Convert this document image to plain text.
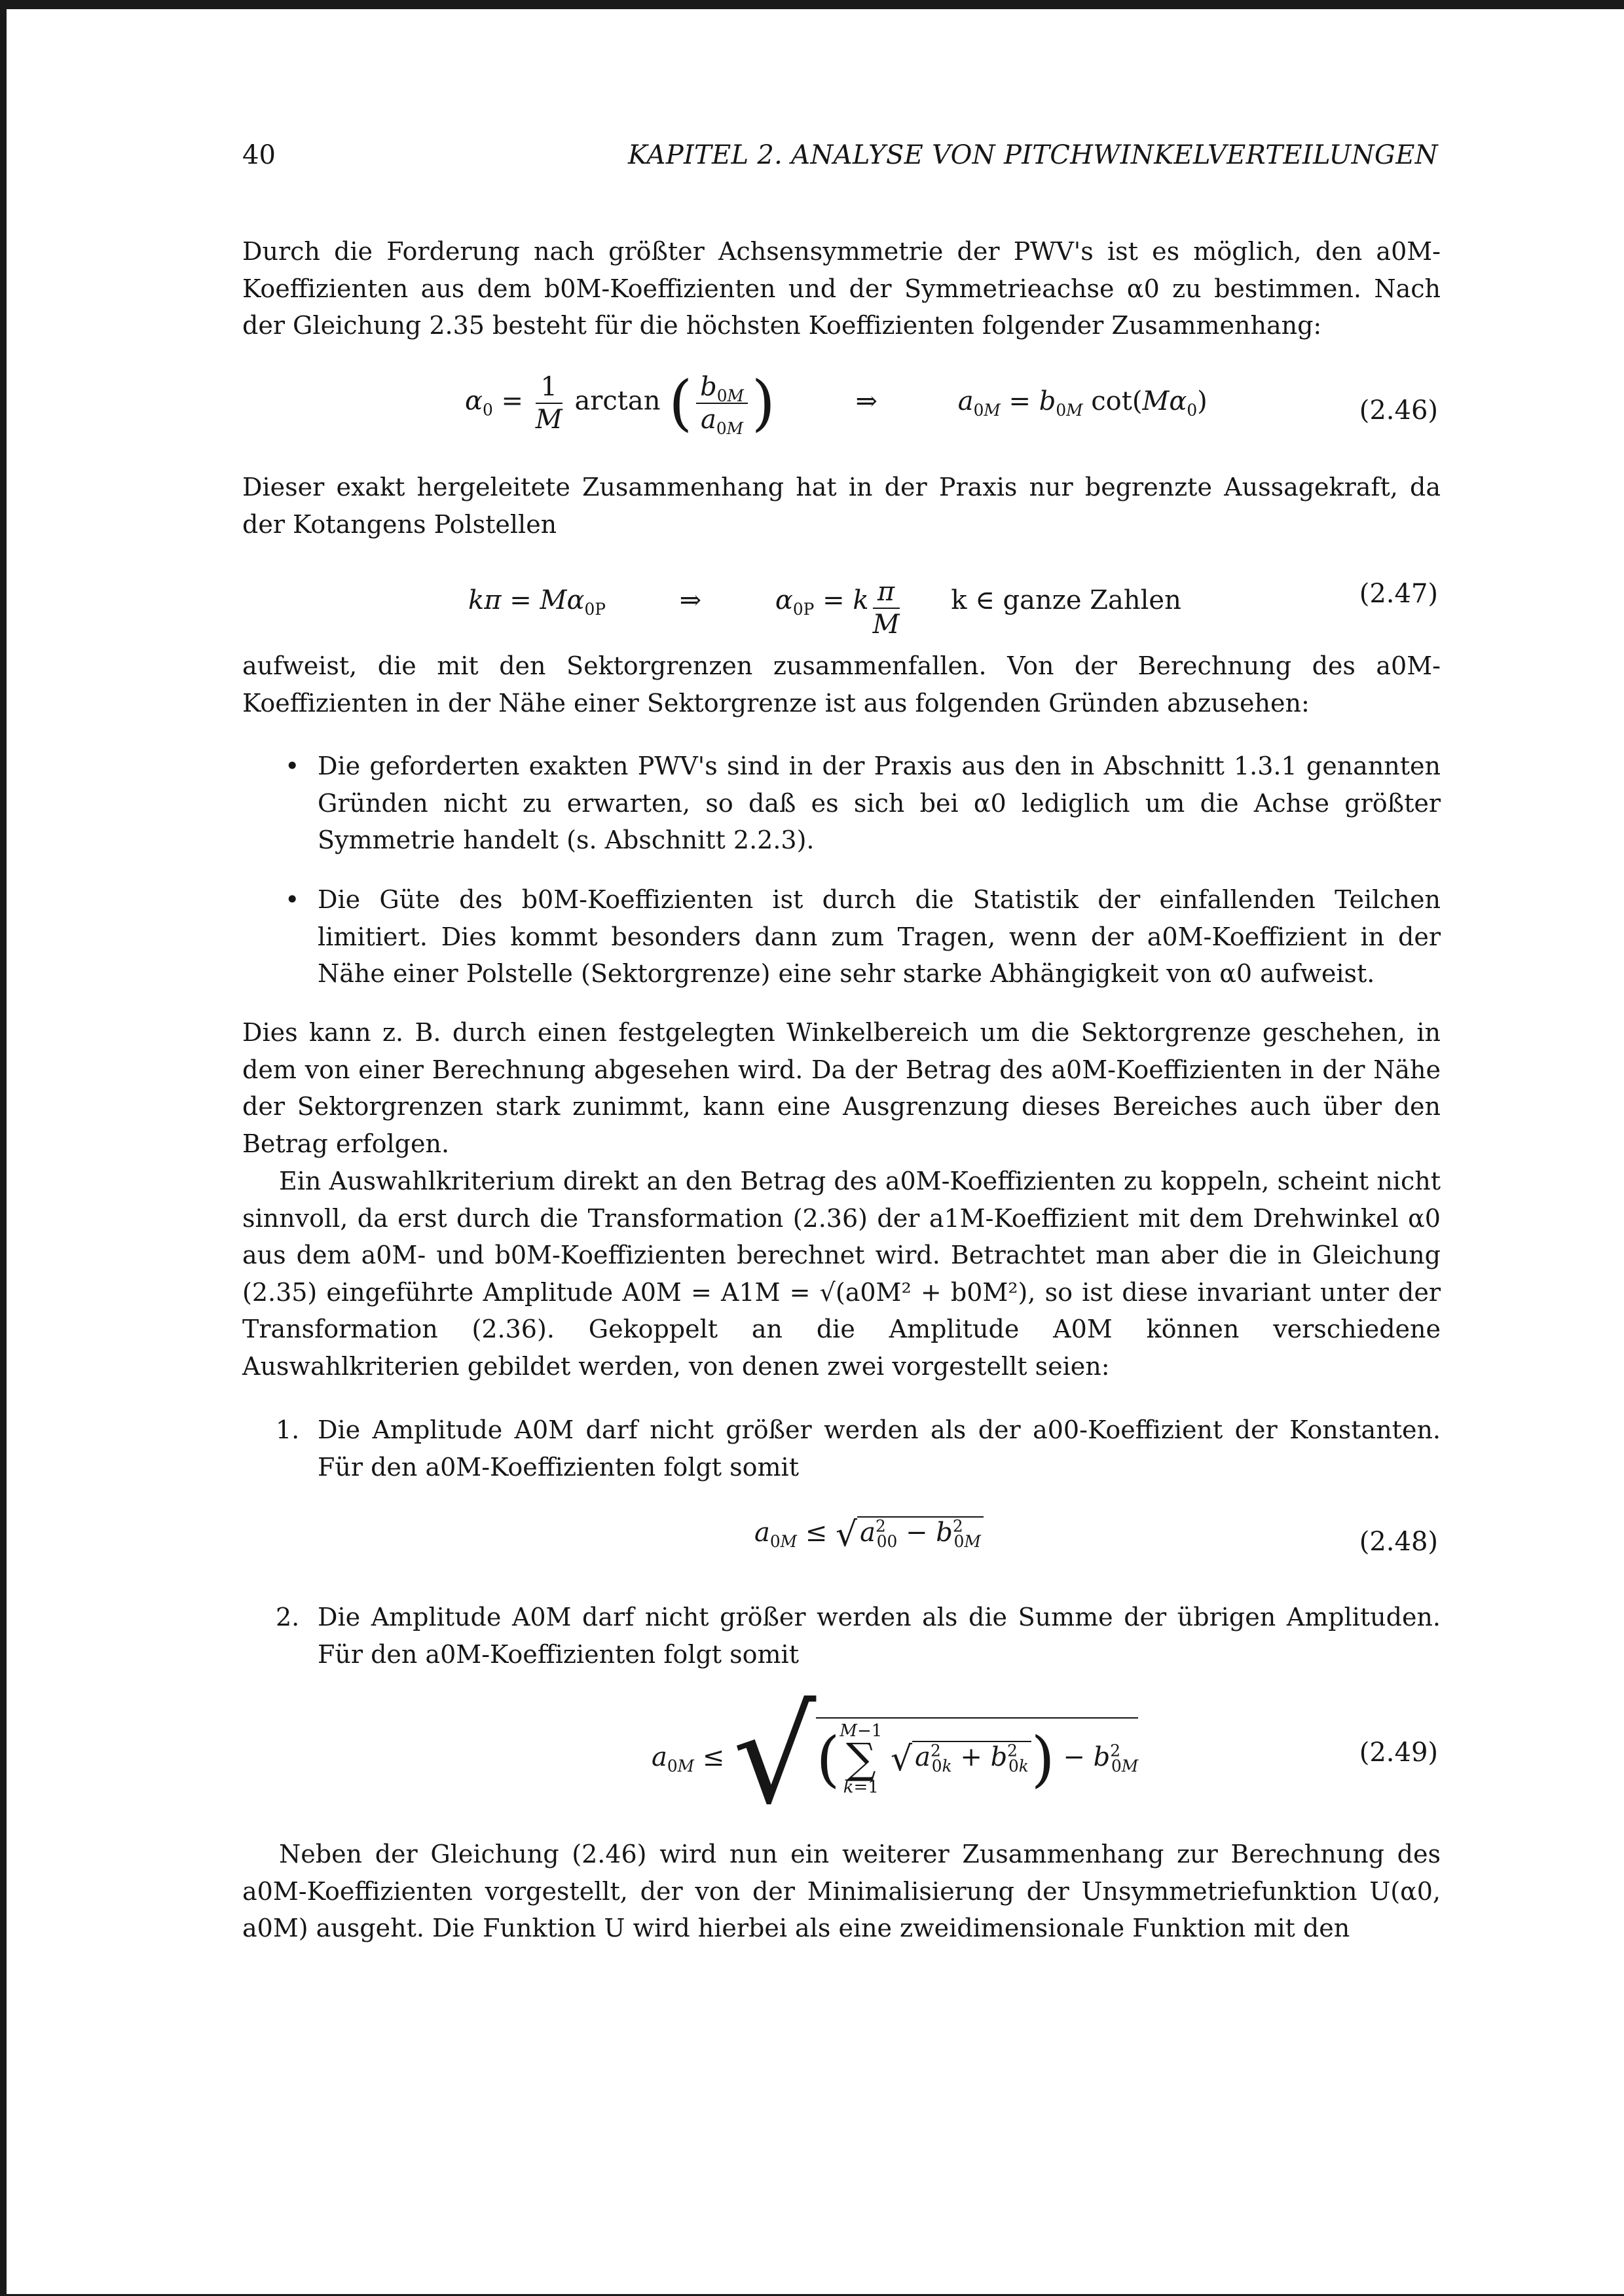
40	KAPITEL 2. ANALYSE VON PITCHWINKELVERTEILUNGEN

Durch die Forderung nach größter Achsensymmetrie der PWV's ist es möglich, den a0M-Koeffizienten aus dem b0M-Koeffizienten und der Symmetrieachse α0 zu bestimmen. Nach der Gleichung 2.35 besteht für die höchsten Koeffizienten folgender Zusammenhang:

$\alpha_0 = \frac{1}{M}$ arctan ( $\frac{b_{0M}}{a_{0M}}$ )	⇒	$a_{0M} = b_{0M}$ $\cot(M\alpha_0)$	(2.46)

Dieser exakt hergeleitete Zusammenhang hat in der Praxis nur begrenzte Aussagekraft, da der Kotangens Polstellen

$k\pi = M\alpha_{0P}$	⇒	$\alpha_{0P} = k \frac{\pi}{M}$ k ∈ ganze Zahlen	(2.47)

aufweist, die mit den Sektorgrenzen zusammenfallen. Von der Berechnung des a0M-Koeffizienten in der Nähe einer Sektorgrenze ist aus folgenden Gründen abzusehen:

• Die geforderten exakten PWV's sind in der Praxis aus den in Abschnitt 1.3.1 genannten Gründen nicht zu erwarten, so daß es sich bei α0 lediglich um die Achse größter Symmetrie handelt (s. Abschnitt 2.2.3).
• Die Güte des b0M-Koeffizienten ist durch die Statistik der einfallenden Teilchen limitiert. Dies kommt besonders dann zum Tragen, wenn der a0M-Koeffizient in der Nähe einer Polstelle (Sektorgrenze) eine sehr starke Abhängigkeit von α0 aufweist.

Dies kann z. B. durch einen festgelegten Winkelbereich um die Sektorgrenze geschehen, in dem von einer Berechnung abgesehen wird. Da der Betrag des a0M-Koeffizienten in der Nähe der Sektorgrenzen stark zunimmt, kann eine Ausgrenzung dieses Bereiches auch über den Betrag erfolgen.

Ein Auswahlkriterium direkt an den Betrag des a0M-Koeffizienten zu koppeln, scheint nicht sinnvoll, da erst durch die Transformation (2.36) der a1M-Koeffizient mit dem Drehwinkel α0 aus dem a0M- und b0M-Koeffizienten berechnet wird. Betrachtet man aber die in Gleichung (2.35) eingeführte Amplitude A0M = A1M = √(a0M² + b0M²), so ist diese invariant unter der Transformation (2.36). Gekoppelt an die Amplitude A0M können verschiedene Auswahlkriterien gebildet werden, von denen zwei vorgestellt seien:

1. Die Amplitude A0M darf nicht größer werden als der a00-Koeffizient der Konstanten. Für den a0M-Koeffizienten folgt somit
$a_{0M}$ ≤ √ $a^2_{00} - b^2_{0M}$	(2.48)
2. Die Amplitude A0M darf nicht größer werden als die Summe der übrigen Amplituden. Für den a0M-Koeffizienten folgt somit
$a_{0M} \le √(M-1$
∑
k=1 √ $a^2_{0k} + b^2_{0k}) - b^2_{0M}$	(2.49)

Neben der Gleichung (2.46) wird nun ein weiterer Zusammenhang zur Berechnung des a0M-Koeffizienten vorgestellt, der von der Minimalisierung der Unsymmetriefunktion U(α0, a0M) ausgeht. Die Funktion U wird hierbei als eine zweidimensionale Funktion mit den
